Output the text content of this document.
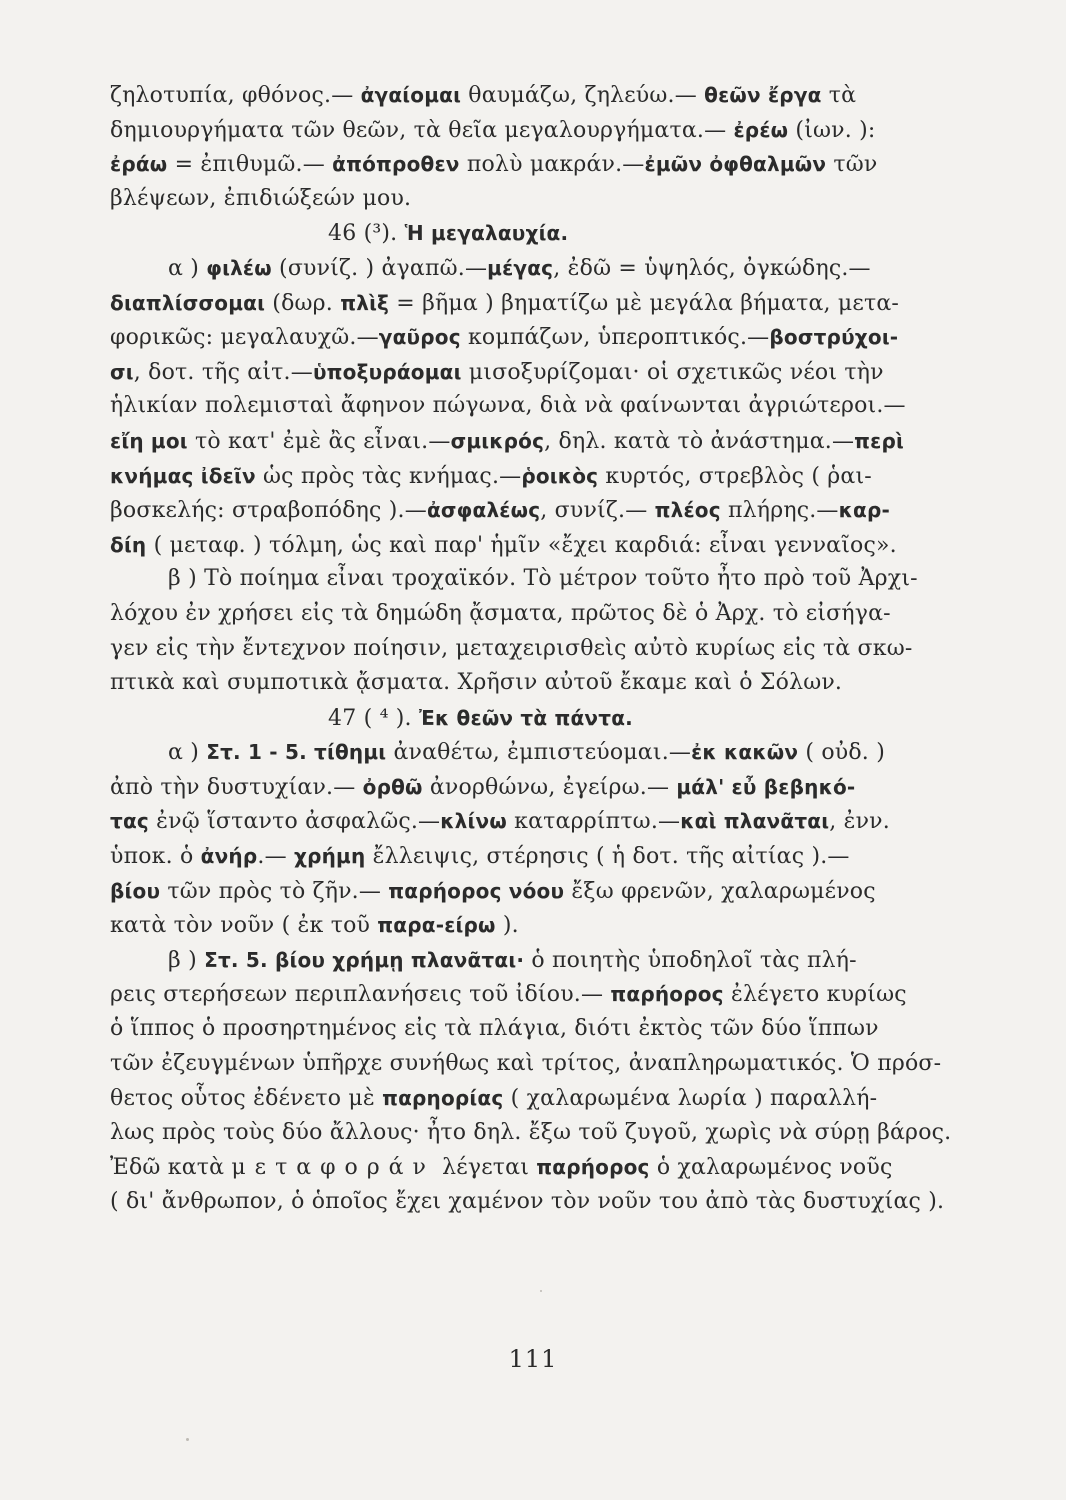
ζηλοτυπία, φθόνος.— ἀγαίομαι θαυμάζω, ζηλεύω.— θεῶν ἔργα τὰ
δημιουργήματα τῶν θεῶν, τὰ θεῖα μεγαλουργήματα.— ἐρέω (ἰων. ):
ἐράω = ἐπιθυμῶ.— ἀπόπροθεν πολὺ μακράν.—ἐμῶν ὀφθαλμῶν τῶν
βλέψεων, ἐπιδιώξεών μου.
46 (³). Ἡ μεγαλαυχία.
α ) φιλέω (συνίζ. ) ἀγαπῶ.—μέγας, ἐδῶ = ὑψηλός, ὀγκώδης.—
διαπλίσσομαι (δωρ. πλὶξ = βῆμα ) βηματίζω μὲ μεγάλα βήματα, μετα-
φορικῶς: μεγαλαυχῶ.—γαῦρος κομπάζων, ὑπεροπτικός.—βοστρύχοι-
σι, δοτ. τῆς αἰτ.—ὑποξυράομαι μισοξυρίζομαι· οἱ σχετικῶς νέοι τὴν
ἡλικίαν πολεμισταὶ ἄφηνον πώγωνα, διὰ νὰ φαίνωνται ἀγριώτεροι.—
εἴη μοι τὸ κατ' ἐμὲ ἂς εἶναι.—σμικρός, δηλ. κατὰ τὸ ἀνάστημα.—περὶ
κνήμας ἰδεῖν ὡς πρὸς τὰς κνήμας.—ῥοικὸς κυρτός, στρεβλὸς ( ῥαι-
βοσκελής: στραβοπόδης ).—ἀσφαλέως, συνίζ.— πλέος πλήρης.—καρ-
δίη ( μεταφ. ) τόλμη, ὡς καὶ παρ' ἡμῖν «ἔχει καρδιά: εἶναι γενναῖος».
β ) Τὸ ποίημα εἶναι τροχαϊκόν. Τὸ μέτρον τοῦτο ἦτο πρὸ τοῦ Ἀρχι-
λόχου ἐν χρήσει εἰς τὰ δημώδη ᾄσματα, πρῶτος δὲ ὁ Ἀρχ. τὸ εἰσήγα-
γεν εἰς τὴν ἔντεχνον ποίησιν, μεταχειρισθεὶς αὐτὸ κυρίως εἰς τὰ σκω-
πτικὰ καὶ συμποτικὰ ᾄσματα. Χρῆσιν αὐτοῦ ἔκαμε καὶ ὁ Σόλων.
47 ( ⁴ ). Ἐκ θεῶν τὰ πάντα.
α ) Στ. 1 - 5. τίθημι ἀναθέτω, ἐμπιστεύομαι.—ἐκ κακῶν ( οὐδ. )
ἀπὸ τὴν δυστυχίαν.— ὀρθῶ ἀνορθώνω, ἐγείρω.— μάλ' εὖ βεβηκό-
τας ἐνῷ ἵσταντο ἀσφαλῶς.—κλίνω καταρρίπτω.—καὶ πλανᾶται, ἐνν.
ὑποκ. ὁ ἀνήρ.— χρήμη ἔλλειψις, στέρησις ( ἡ δοτ. τῆς αἰτίας ).—
βίου τῶν πρὸς τὸ ζῆν.— παρήορος νόου ἔξω φρενῶν, χαλαρωμένος
κατὰ τὸν νοῦν ( ἐκ τοῦ παρα-είρω ).
β ) Στ. 5. βίου χρήμῃ πλανᾶται· ὁ ποιητὴς ὑποδηλοῖ τὰς πλή-
ρεις στερήσεων περιπλανήσεις τοῦ ἰδίου.— παρήορος ἐλέγετο κυρίως
ὁ ἵππος ὁ προσηρτημένος εἰς τὰ πλάγια, διότι ἐκτὸς τῶν δύο ἵππων
τῶν ἐζευγμένων ὑπῆρχε συνήθως καὶ τρίτος, ἀναπληρωματικός. Ὁ πρόσ-
θετος οὗτος ἐδένετο μὲ παρηορίας ( χαλαρωμένα λωρία ) παραλλή-
λως πρὸς τοὺς δύο ἄλλους· ἦτο δηλ. ἔξω τοῦ ζυγοῦ, χωρὶς νὰ σύρῃ βάρος.
Ἐδῶ κατὰ μεταφοράν λέγεται παρήορος ὁ χαλαρωμένος νοῦς
( δι' ἄνθρωπον, ὁ ὁποῖος ἔχει χαμένον τὸν νοῦν του ἀπὸ τὰς δυστυχίας ).
111
